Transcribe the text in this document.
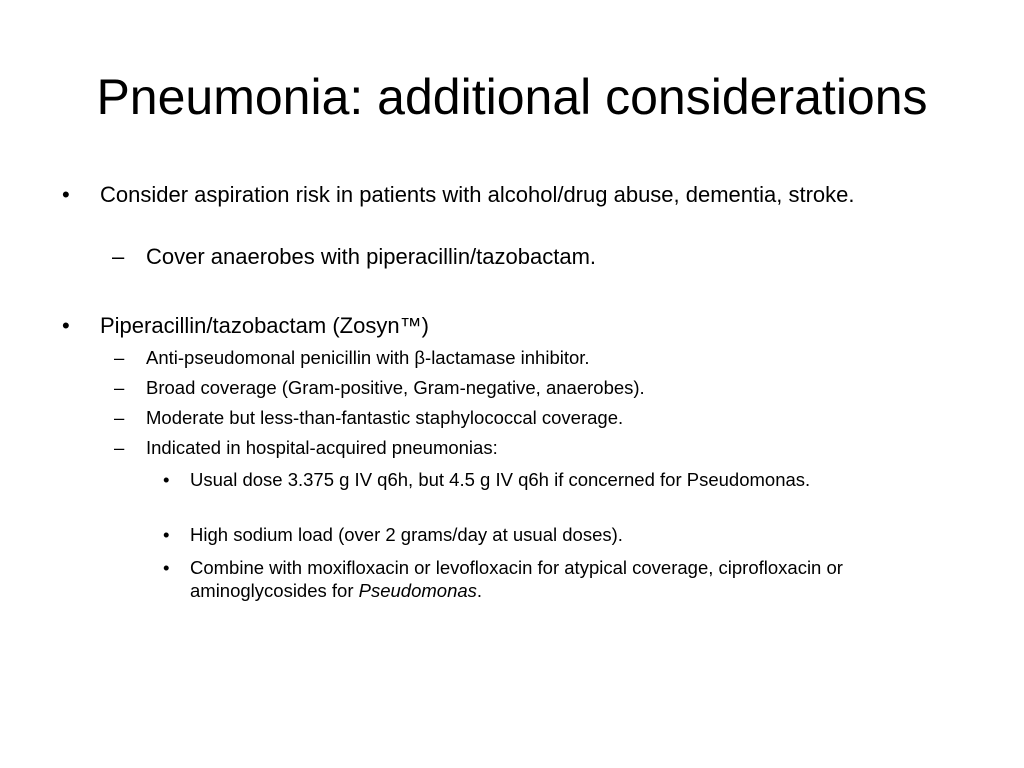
Pneumonia: additional considerations
• Consider aspiration risk in patients with alcohol/drug abuse, dementia, stroke.

– Cover anaerobes with piperacillin/tazobactam.

• Piperacillin/tazobactam (Zosyn™)

– Anti-pseudomonal penicillin with β-lactamase inhibitor.

– Broad coverage (Gram-positive, Gram-negative, anaerobes).

– Moderate but less-than-fantastic staphylococcal coverage.

– Indicated in hospital-acquired pneumonias:

• Usual dose 3.375 g IV q6h, but 4.5 g IV q6h if concerned for Pseudomonas.

• High sodium load (over 2 grams/day at usual doses).

• Combine with moxifloxacin or levofloxacin for atypical coverage, ciprofloxacin or aminoglycosides for Pseudomonas.
